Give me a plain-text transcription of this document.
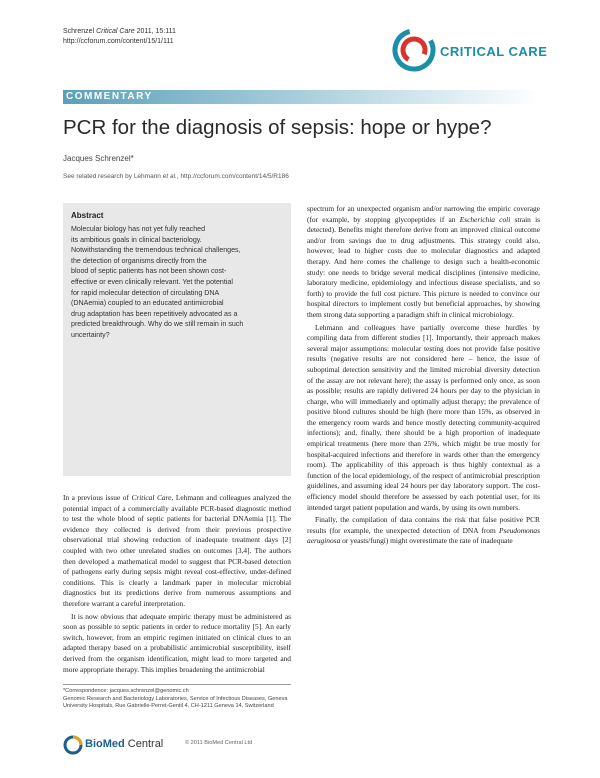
Schrenzel Critical Care 2011, 15:111
http://ccforum.com/content/15/1/111
CRITICAL CARE
COMMENTARY
PCR for the diagnosis of sepsis: hope or hype?
Jacques Schrenzel*
See related research by Lehmann et al., http://ccforum.com/content/14/5/R186
Abstract

Molecular biology has not yet fully reached
its ambitious goals in clinical bacteriology.
Notwithstanding the tremendous technical challenges,
the detection of organisms directly from the
blood of septic patients has not been shown cost-
effective or even clinically relevant. Yet the potential
for rapid molecular detection of circulating DNA
(DNAemia) coupled to an educated antimicrobial
drug adaptation has been repetitively advocated as a
predicted breakthrough. Why do we still remain in such
uncertainty?

In a previous issue of Critical Care, Lehmann and colleagues analyzed the potential impact of a commercially available PCR-based diagnostic method to test the whole blood of septic patients for bacterial DNAemia [1]. The evidence they collected is derived from their previous prospective observational trial showing reduction of inadequate treatment days [2] coupled with two other unrelated studies on outcomes [3,4]. The authors then developed a mathematical model to suggest that PCR-based detection of pathogens early during sepsis might reveal cost-effective, under-defined conditions. This is clearly a landmark paper in molecular microbial diagnostics but its predictions derive from numerous assumptions and therefore warrant a careful interpretation.

It is now obvious that adequate empiric therapy must be administered as soon as possible to septic patients in order to reduce mortality [5]. An early switch, however, from an empiric regimen initiated on clinical clues to an adapted therapy based on a probabilistic antimicrobial susceptibility, itself derived from the organism identification, might lead to more targeted and more appropriate therapy. This implies broadening the antimicrobial

spectrum for an unexpected organism and/or narrowing the empiric coverage (for example, by stopping glycopeptides if an Escherichia coli strain is detected). Benefits might therefore derive from an improved clinical outcome and/or from savings due to drug adjustments. This strategy could also, however, lead to higher costs due to molecular diagnostics and adapted therapy. And here comes the challenge to design such a health-economic study: one needs to bridge several medical disciplines (intensive medicine, laboratory medicine, epidemiology and infectious disease specialists, and so forth) to provide the full cost picture. This picture is needed to convince our hospital directors to implement costly but beneficial approaches, by showing them strong data supporting a paradigm shift in clinical microbiology.

Lehmann and colleagues have partially overcome these hurdles by compiling data from different studies [1]. Importantly, their approach makes several major assumptions: molecular testing does not provide false positive results (negative results are not considered here – hence, the issue of suboptimal detection sensitivity and the limited microbial diversity detection of the assay are not relevant here); the assay is performed only once, as soon as possible; results are rapidly delivered 24 hours per day to the physician in charge, who will immediately and optimally adjust therapy; the prevalence of positive blood cultures should be high (here more than 15%, as observed in the emergency room wards and hence mostly detecting community-acquired infections); and, finally, there should be a high proportion of inadequate empirical treatments (here more than 25%, which might be true mostly for hospital-acquired infections and therefore in wards other than the emergency room). The applicability of this approach is thus highly contextual as a function of the local epidemiology, of the respect of antimicrobial prescription guidelines, and assuming ideal 24 hours per day laboratory support. The cost-efficiency model should therefore be assessed by each potential user, for its intended target patient population and wards, by using its own numbers.

Finally, the compilation of data contains the risk that false positive PCR results (for example, the unexpected detection of DNA from Pseudomonas aeruginosa or yeasts/fungi) might overestimate the rate of inadequate

*Correspondence: jacques.schrenzel@genomic.ch
Genomic Research and Bacteriology Laboratories, Service of Infectious Diseases, Geneva University Hospitals, Rue Gabrielle-Perret-Gentil 4, CH-1211 Geneva 14, Switzerland
BioMed Central	© 2011 BioMed Central Ltd
